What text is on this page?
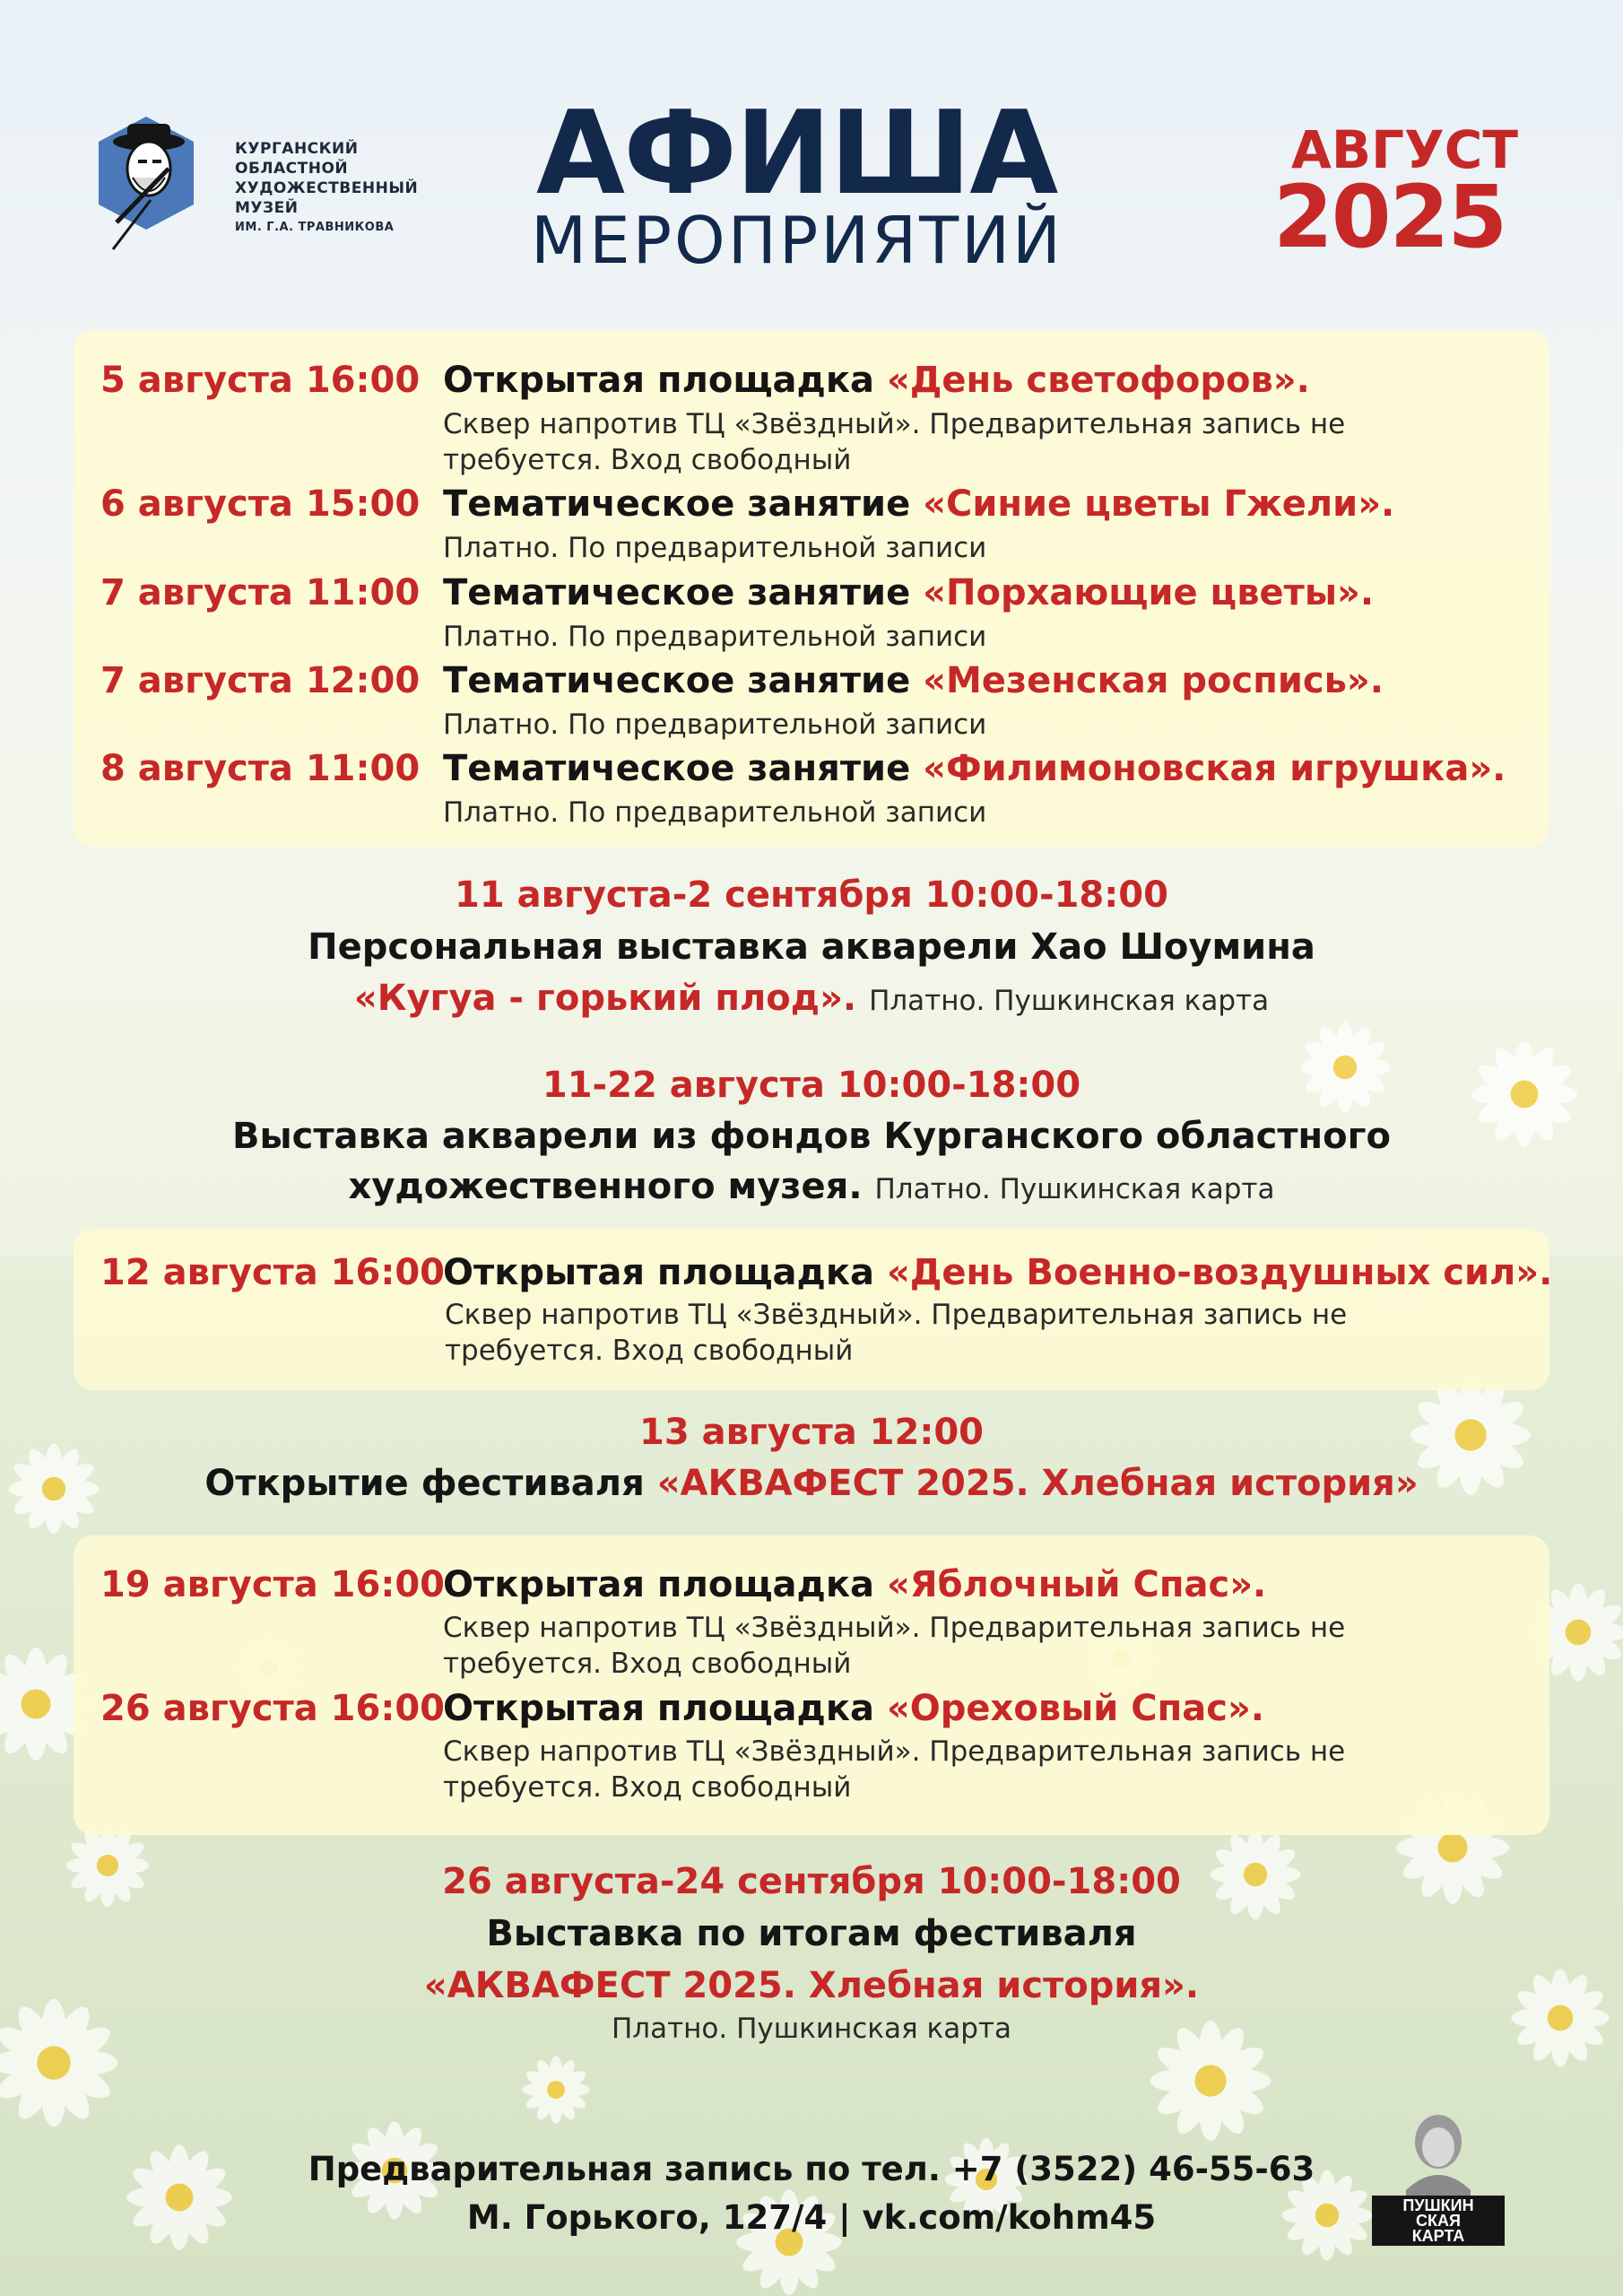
КУРГАНСКИЙ
ОБЛАСТНОЙ
ХУДОЖЕСТВЕННЫЙ
МУЗЕЙ
ИМ. Г.А. ТРАВНИКОВА
АФИША
МЕРОПРИЯТИЙ
АВГУСТ
2025
5 августа 16:00 Открытая площадка «День светофоров».
Сквер напротив ТЦ «Звёздный». Предварительная запись не
требуется. Вход свободный
6 августа 15:00 Тематическое занятие «Синие цветы Гжели».
Платно. По предварительной записи
7 августа 11:00 Тематическое занятие «Порхающие цветы».
Платно. По предварительной записи
7 августа 12:00 Тематическое занятие «Мезенская роспись».
Платно. По предварительной записи
8 августа 11:00 Тематическое занятие «Филимоновская игрушка».
Платно. По предварительной записи
11 августа-2 сентября 10:00-18:00
Персональная выставка акварели Хао Шоумина
«Кугуа - горький плод». Платно. Пушкинская карта
11-22 августа 10:00-18:00
Выставка акварели из фондов Курганского областного
художественного музея. Платно. Пушкинская карта
12 августа 16:00
Открытая площадка «День Военно-воздушных сил».
Сквер напротив ТЦ «Звёздный». Предварительная запись не
требуется. Вход свободный
13 августа 12:00
Открытие фестиваля «АКВАФЕСТ 2025. Хлебная история»
19 августа 16:00
Открытая площадка «Яблочный Спас».
Сквер напротив ТЦ «Звёздный». Предварительная запись не
требуется. Вход свободный
26 августа 16:00
Открытая площадка «Ореховый Спас».
Сквер напротив ТЦ «Звёздный». Предварительная запись не
требуется. Вход свободный
26 августа-24 сентября 10:00-18:00
Выставка по итогам фестиваля
«АКВАФЕСТ 2025. Хлебная история».
Платно. Пушкинская карта
Предварительная запись по тел. +7 (3522) 46-55-63
М. Горького, 127/4 | vk.com/kohm45	ПУШКИН
СКАЯ
КАРТА
